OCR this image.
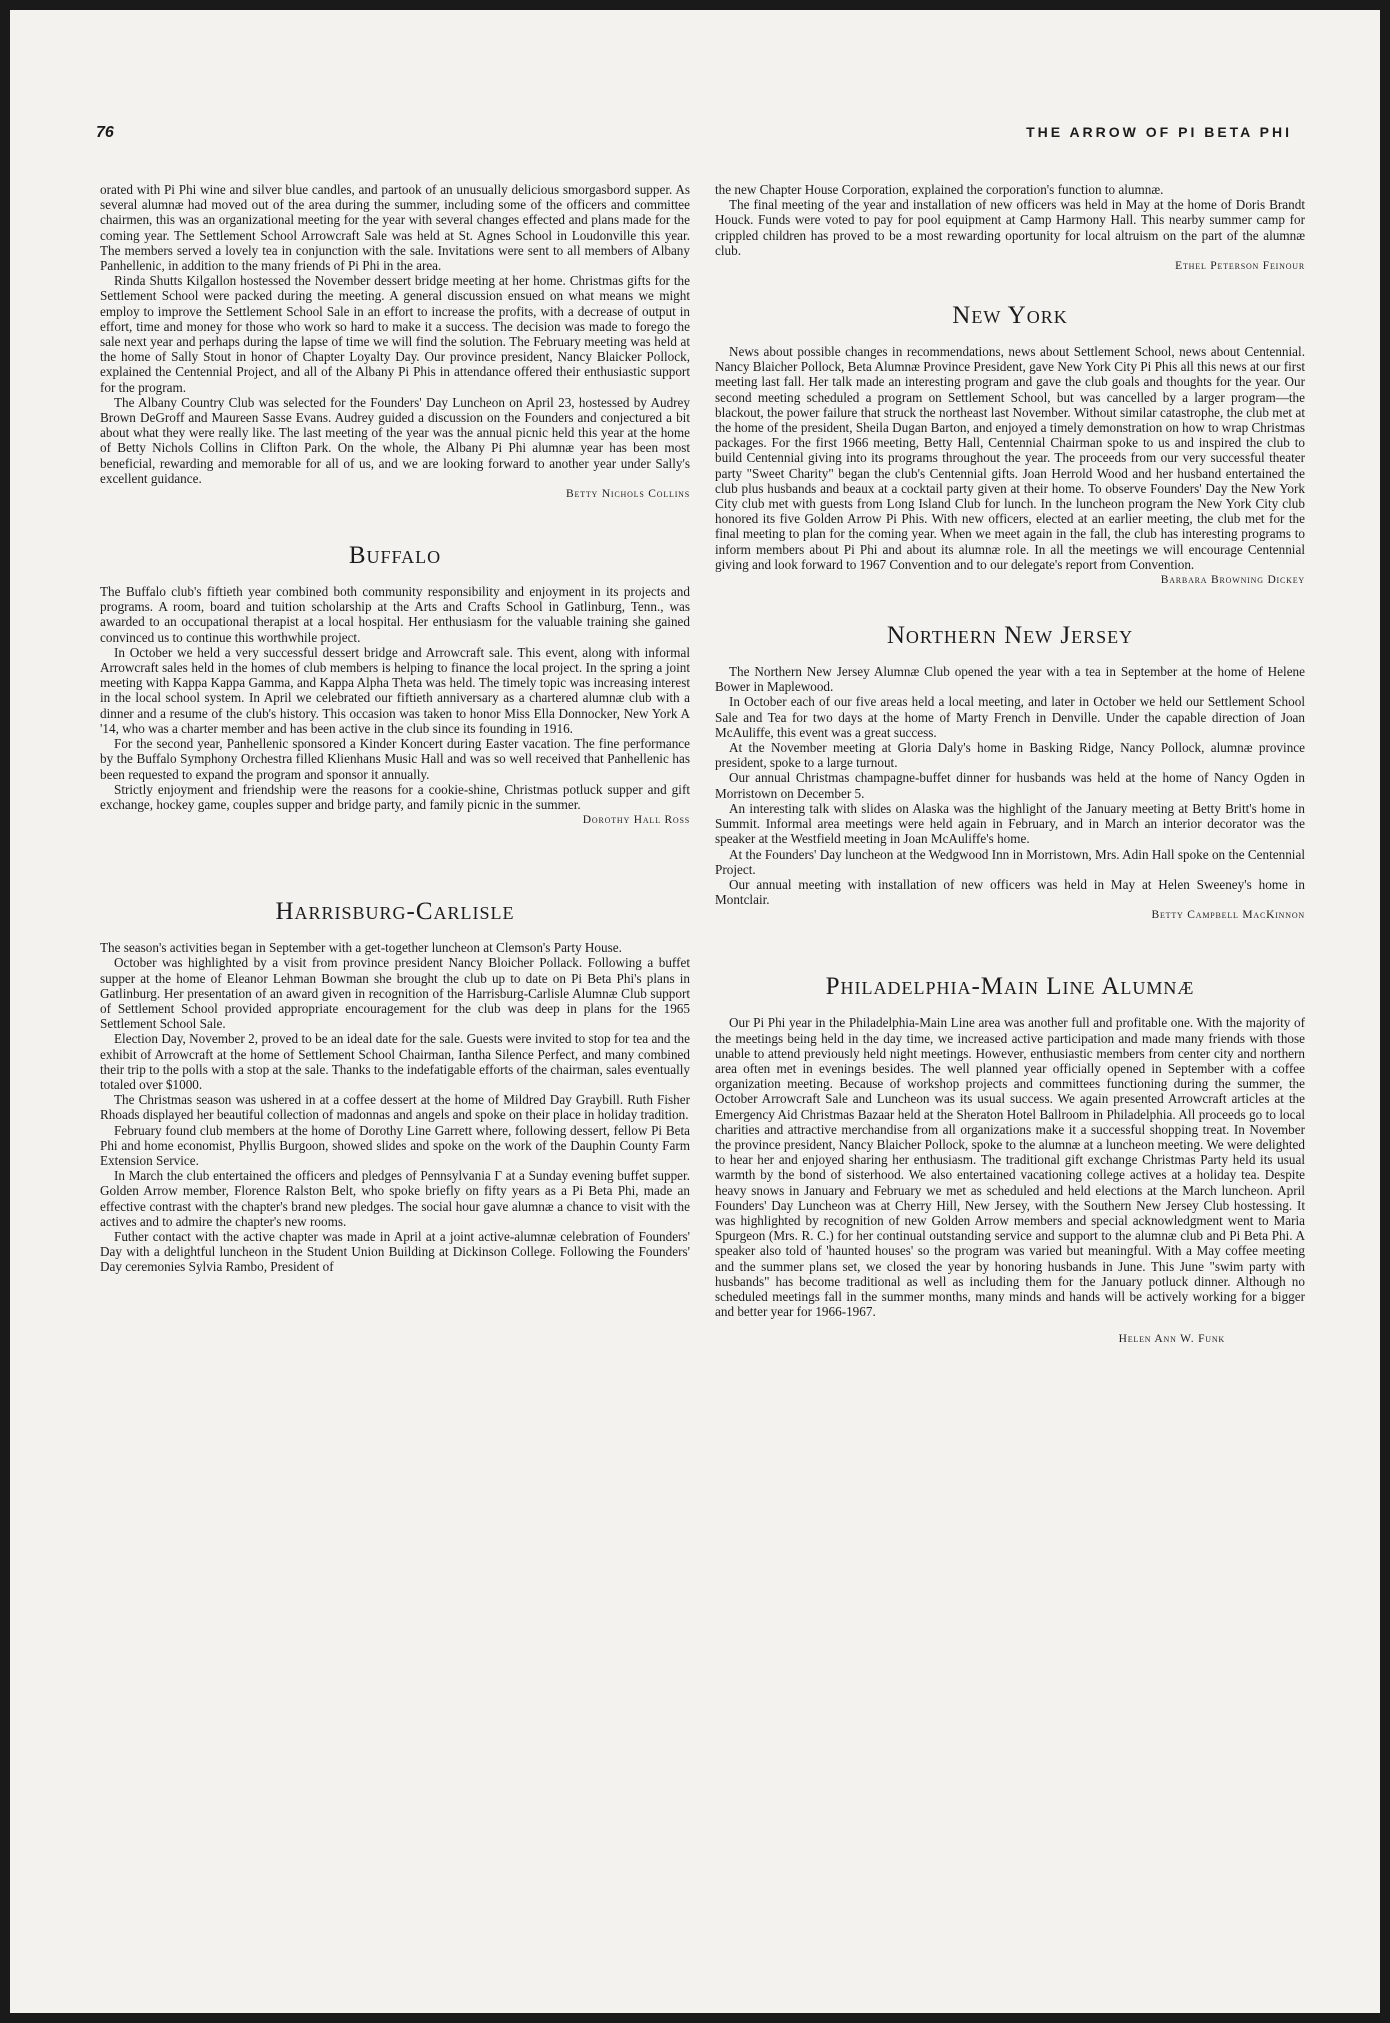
76	THE ARROW OF PI BETA PHI

orated with Pi Phi wine and silver blue candles, and partook of an unusually delicious smorgasbord supper. As several alumnæ had moved out of the area during the summer, including some of the officers and committee chairmen, this was an organizational meeting for the year with several changes effected and plans made for the coming year. The Settlement School Arrowcraft Sale was held at St. Agnes School in Loudonville this year. The members served a lovely tea in conjunction with the sale. Invitations were sent to all members of Albany Panhellenic, in addition to the many friends of Pi Phi in the area.

Rinda Shutts Kilgallon hostessed the November dessert bridge meeting at her home. Christmas gifts for the Settlement School were packed during the meeting. A general discussion ensued on what means we might employ to improve the Settlement School Sale in an effort to increase the profits, with a decrease of output in effort, time and money for those who work so hard to make it a success. The decision was made to forego the sale next year and perhaps during the lapse of time we will find the solution. The February meeting was held at the home of Sally Stout in honor of Chapter Loyalty Day. Our province president, Nancy Blaicker Pollock, explained the Centennial Project, and all of the Albany Pi Phis in attendance offered their enthusiastic support for the program.

The Albany Country Club was selected for the Founders' Day Luncheon on April 23, hostessed by Audrey Brown DeGroff and Maureen Sasse Evans. Audrey guided a discussion on the Founders and conjectured a bit about what they were really like. The last meeting of the year was the annual picnic held this year at the home of Betty Nichols Collins in Clifton Park. On the whole, the Albany Pi Phi alumnæ year has been most beneficial, rewarding and memorable for all of us, and we are looking forward to another year under Sally's excellent guidance.

Betty Nichols Collins
Buffalo

The Buffalo club's fiftieth year combined both community responsibility and enjoyment in its projects and programs. A room, board and tuition scholarship at the Arts and Crafts School in Gatlinburg, Tenn., was awarded to an occupational therapist at a local hospital. Her enthusiasm for the valuable training she gained convinced us to continue this worthwhile project.

In October we held a very successful dessert bridge and Arrowcraft sale. This event, along with informal Arrowcraft sales held in the homes of club members is helping to finance the local project. In the spring a joint meeting with Kappa Kappa Gamma, and Kappa Alpha Theta was held. The timely topic was increasing interest in the local school system. In April we celebrated our fiftieth anniversary as a chartered alumnæ club with a dinner and a resume of the club's history. This occasion was taken to honor Miss Ella Donnocker, New York A '14, who was a charter member and has been active in the club since its founding in 1916.

For the second year, Panhellenic sponsored a Kinder Koncert during Easter vacation. The fine performance by the Buffalo Symphony Orchestra filled Klienhans Music Hall and was so well received that Panhellenic has been requested to expand the program and sponsor it annually.

Strictly enjoyment and friendship were the reasons for a cookie-shine, Christmas potluck supper and gift exchange, hockey game, couples supper and bridge party, and family picnic in the summer.

Dorothy Hall Ross
Harrisburg-Carlisle

The season's activities began in September with a get-together luncheon at Clemson's Party House.

October was highlighted by a visit from province president Nancy Bloicher Pollack. Following a buffet supper at the home of Eleanor Lehman Bowman she brought the club up to date on Pi Beta Phi's plans in Gatlinburg. Her presentation of an award given in recognition of the Harrisburg-Carlisle Alumnæ Club support of Settlement School provided appropriate encouragement for the club was deep in plans for the 1965 Settlement School Sale.

Election Day, November 2, proved to be an ideal date for the sale. Guests were invited to stop for tea and the exhibit of Arrowcraft at the home of Settlement School Chairman, Iantha Silence Perfect, and many combined their trip to the polls with a stop at the sale. Thanks to the indefatigable efforts of the chairman, sales eventually totaled over $1000.

The Christmas season was ushered in at a coffee dessert at the home of Mildred Day Graybill. Ruth Fisher Rhoads displayed her beautiful collection of madonnas and angels and spoke on their place in holiday tradition.

February found club members at the home of Dorothy Line Garrett where, following dessert, fellow Pi Beta Phi and home economist, Phyllis Burgoon, showed slides and spoke on the work of the Dauphin County Farm Extension Service.

In March the club entertained the officers and pledges of Pennsylvania Γ at a Sunday evening buffet supper. Golden Arrow member, Florence Ralston Belt, who spoke briefly on fifty years as a Pi Beta Phi, made an effective contrast with the chapter's brand new pledges. The social hour gave alumnæ a chance to visit with the actives and to admire the chapter's new rooms.

Futher contact with the active chapter was made in April at a joint active-alumnæ celebration of Founders' Day with a delightful luncheon in the Student Union Building at Dickinson College. Following the Founders' Day ceremonies Sylvia Rambo, President of

the new Chapter House Corporation, explained the corporation's function to alumnæ.

The final meeting of the year and installation of new officers was held in May at the home of Doris Brandt Houck. Funds were voted to pay for pool equipment at Camp Harmony Hall. This nearby summer camp for crippled children has proved to be a most rewarding oportunity for local altruism on the part of the alumnæ club.

Ethel Peterson Feinour
New York

News about possible changes in recommendations, news about Settlement School, news about Centennial. Nancy Blaicher Pollock, Beta Alumnæ Province President, gave New York City Pi Phis all this news at our first meeting last fall. Her talk made an interesting program and gave the club goals and thoughts for the year. Our second meeting scheduled a program on Settlement School, but was cancelled by a larger program—the blackout, the power failure that struck the northeast last November. Without similar catastrophe, the club met at the home of the president, Sheila Dugan Barton, and enjoyed a timely demonstration on how to wrap Christmas packages. For the first 1966 meeting, Betty Hall, Centennial Chairman spoke to us and inspired the club to build Centennial giving into its programs throughout the year. The proceeds from our very successful theater party "Sweet Charity" began the club's Centennial gifts. Joan Herrold Wood and her husband entertained the club plus husbands and beaux at a cocktail party given at their home. To observe Founders' Day the New York City club met with guests from Long Island Club for lunch. In the luncheon program the New York City club honored its five Golden Arrow Pi Phis. With new officers, elected at an earlier meeting, the club met for the final meeting to plan for the coming year. When we meet again in the fall, the club has interesting programs to inform members about Pi Phi and about its alumnæ role. In all the meetings we will encourage Centennial giving and look forward to 1967 Convention and to our delegate's report from Convention.

Barbara Browning Dickey
Northern New Jersey

The Northern New Jersey Alumnæ Club opened the year with a tea in September at the home of Helene Bower in Maplewood.

In October each of our five areas held a local meeting, and later in October we held our Settlement School Sale and Tea for two days at the home of Marty French in Denville. Under the capable direction of Joan McAuliffe, this event was a great success.

At the November meeting at Gloria Daly's home in Basking Ridge, Nancy Pollock, alumnæ province president, spoke to a large turnout.

Our annual Christmas champagne-buffet dinner for husbands was held at the home of Nancy Ogden in Morristown on December 5.

An interesting talk with slides on Alaska was the highlight of the January meeting at Betty Britt's home in Summit. Informal area meetings were held again in February, and in March an interior decorator was the speaker at the Westfield meeting in Joan McAuliffe's home.

At the Founders' Day luncheon at the Wedgwood Inn in Morristown, Mrs. Adin Hall spoke on the Centennial Project.

Our annual meeting with installation of new officers was held in May at Helen Sweeney's home in Montclair.

Betty Campbell MacKinnon
Philadelphia-Main Line Alumnæ

Our Pi Phi year in the Philadelphia-Main Line area was another full and profitable one. With the majority of the meetings being held in the day time, we increased active participation and made many friends with those unable to attend previously held night meetings. However, enthusiastic members from center city and northern area often met in evenings besides. The well planned year officially opened in September with a coffee organization meeting. Because of workshop projects and committees functioning during the summer, the October Arrowcraft Sale and Luncheon was its usual success. We again presented Arrowcraft articles at the Emergency Aid Christmas Bazaar held at the Sheraton Hotel Ballroom in Philadelphia. All proceeds go to local charities and attractive merchandise from all organizations make it a successful shopping treat. In November the province president, Nancy Blaicher Pollock, spoke to the alumnæ at a luncheon meeting. We were delighted to hear her and enjoyed sharing her enthusiasm. The traditional gift exchange Christmas Party held its usual warmth by the bond of sisterhood. We also entertained vacationing college actives at a holiday tea. Despite heavy snows in January and February we met as scheduled and held elections at the March luncheon. April Founders' Day Luncheon was at Cherry Hill, New Jersey, with the Southern New Jersey Club hostessing. It was highlighted by recognition of new Golden Arrow members and special acknowledgment went to Maria Spurgeon (Mrs. R. C.) for her continual outstanding service and support to the alumnæ club and Pi Beta Phi. A speaker also told of 'haunted houses' so the program was varied but meaningful. With a May coffee meeting and the summer plans set, we closed the year by honoring husbands in June. This June "swim party with husbands" has become traditional as well as including them for the January potluck dinner. Although no scheduled meetings fall in the summer months, many minds and hands will be actively working for a bigger and better year for 1966-1967.

Helen Ann W. Funk
